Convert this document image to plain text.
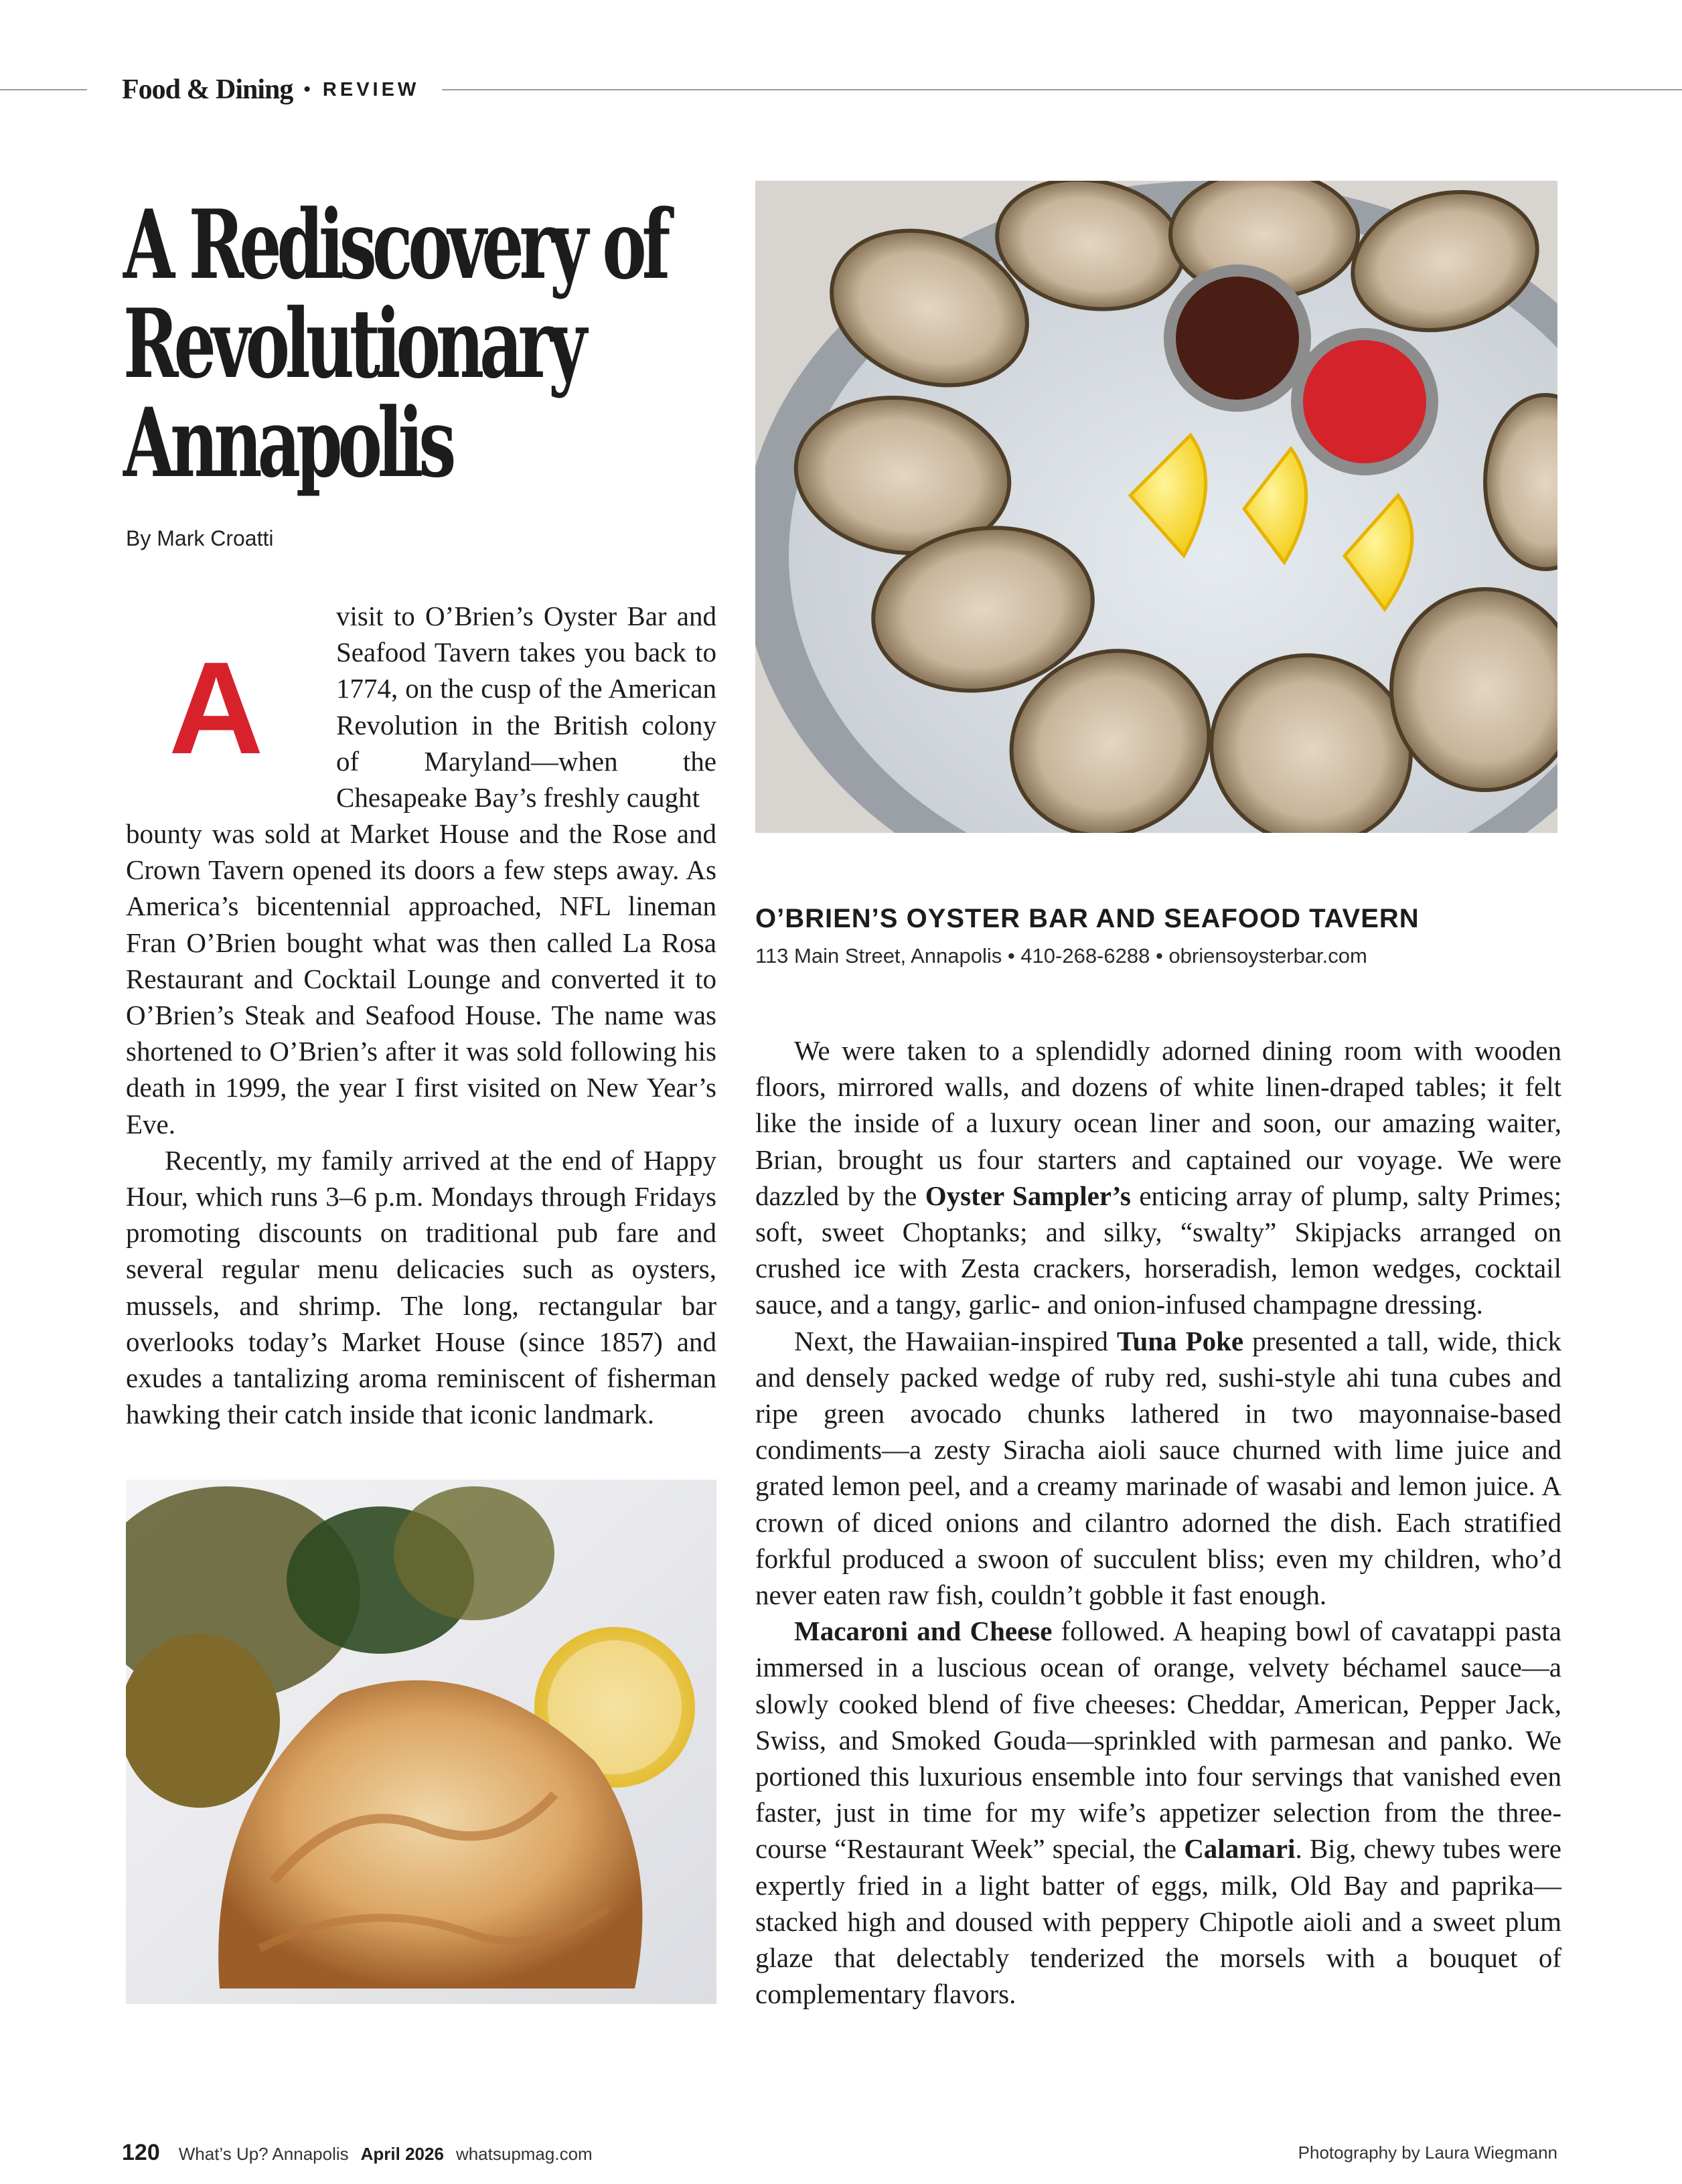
Food & Dining • REVIEW
A Rediscovery of
Revolutionary
Annapolis
By Mark Croatti
A

visit to O’Brien’s Oyster Bar and Seafood Tavern takes you back to 1774, on the cusp of the American Revolution in the British colony of Maryland—when the Chesapeake Bay’s freshly caught

bounty was sold at Market House and the Rose and Crown Tavern opened its doors a few steps away. As America’s bicentennial approached, NFL lineman Fran O’Brien bought what was then called La Rosa Restaurant and Cocktail Lounge and converted it to O’Brien’s Steak and Seafood House. The name was shortened to O’Brien’s after it was sold following his death in 1999, the year I first visited on New Year’s Eve.

Recently, my family arrived at the end of Happy Hour, which runs 3–6 p.m. Mondays through Fridays promoting discounts on traditional pub fare and several regular menu delicacies such as oysters, mussels, and shrimp. The long, rectangular bar overlooks today’s Market House (since 1857) and exudes a tantalizing aroma reminiscent of fisherman hawking their catch inside that iconic landmark.

O’BRIEN’S OYSTER BAR AND SEAFOOD TAVERN
113 Main Street, Annapolis • 410-268-6288 • obriensoysterbar.com

We were taken to a splendidly adorned dining room with wooden floors, mirrored walls, and dozens of white linen-draped tables; it felt like the inside of a luxury ocean liner and soon, our amazing waiter, Brian, brought us four starters and captained our voyage. We were dazzled by the Oyster Sampler’s enticing array of plump, salty Primes; soft, sweet Choptanks; and silky, “swalty” Skipjacks arranged on crushed ice with Zesta crackers, horseradish, lemon wedges, cocktail sauce, and a tangy, garlic- and onion-infused champagne dressing.

Next, the Hawaiian-inspired Tuna Poke presented a tall, wide, thick and densely packed wedge of ruby red, sushi-style ahi tuna cubes and ripe green avocado chunks lathered in two mayonnaise-based condiments—a zesty Siracha aioli sauce churned with lime juice and grated lemon peel, and a creamy marinade of wasabi and lemon juice. A crown of diced onions and cilantro adorned the dish. Each stratified forkful produced a swoon of succulent bliss; even my children, who’d never eaten raw fish, couldn’t gobble it fast enough.

Macaroni and Cheese followed. A heaping bowl of cavatappi pasta immersed in a luscious ocean of orange, velvety béchamel sauce—a slowly cooked blend of five cheeses: Cheddar, American, Pepper Jack, Swiss, and Smoked Gouda—sprinkled with parmesan and panko. We portioned this luxurious ensemble into four servings that vanished even faster, just in time for my wife’s appetizer selection from the three-course “Restaurant Week” special, the Calamari. Big, chewy tubes were expertly fried in a light batter of eggs, milk, Old Bay and paprika—stacked high and doused with peppery Chipotle aioli and a sweet plum glaze that delectably tenderized the morsels with a bouquet of complementary flavors.

120 What’s Up? Annapolis April 2026 whatsupmag.com	Photography by Laura Wiegmann
